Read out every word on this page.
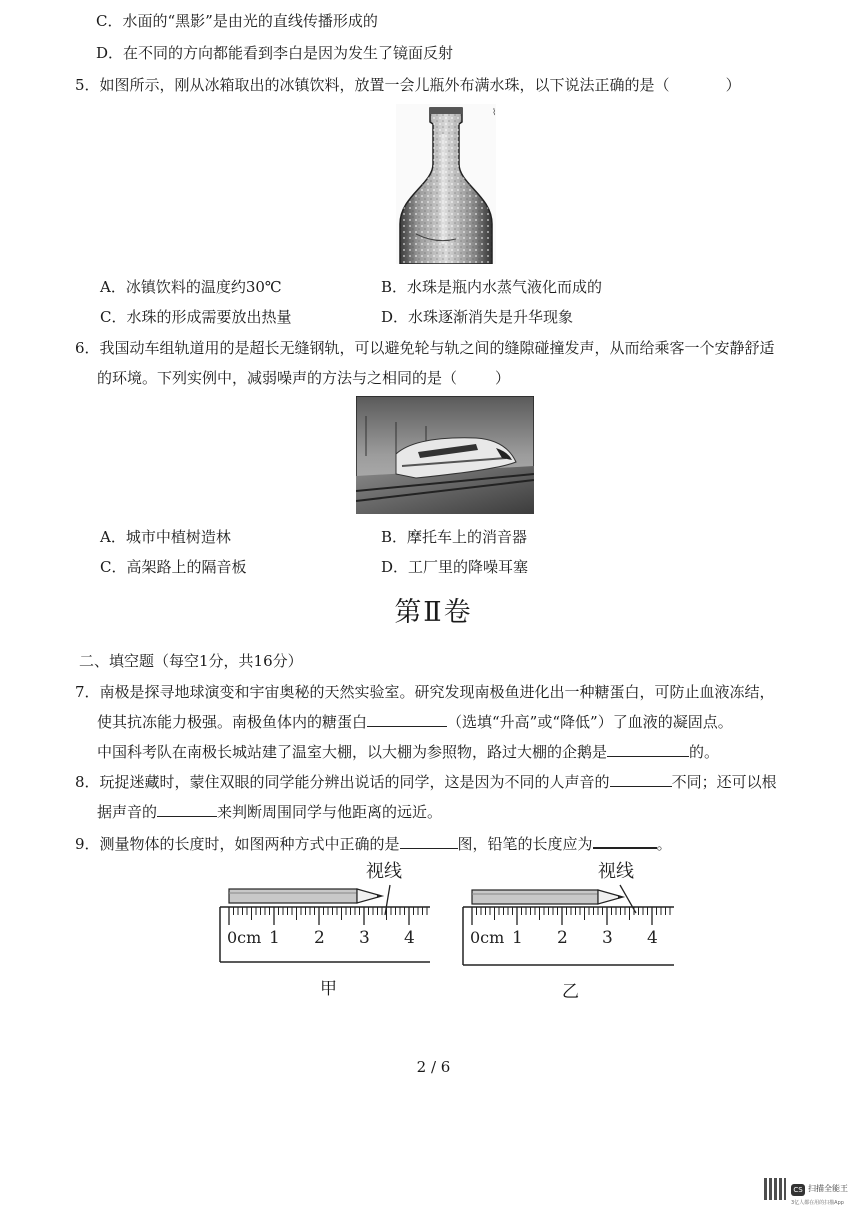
C．水面的“黑影”是由光的直线传播形成的
D．在不同的方向都能看到李白是因为发生了镜面反射
5．如图所示，刚从冰箱取出的冰镇饮料，放置一会儿瓶外布满水珠，以下说法正确的是（	）
⌇
A．冰镇饮料的温度约30℃	B．水珠是瓶内水蒸气液化而成的
C．水珠的形成需要放出热量	D．水珠逐渐消失是升华现象
6．我国动车组轨道用的是超长无缝钢轨，可以避免轮与轨之间的缝隙碰撞发声，从而给乘客一个安静舒适
的环境。下列实例中，减弱噪声的方法与之相同的是（	）
A．城市中植树造林	B．摩托车上的消音器
C．高架路上的隔音板	D．工厂里的降噪耳塞
第Ⅱ卷
二、填空题（每空1分，共16分）
7．南极是探寻地球演变和宇宙奥秘的天然实验室。研究发现南极鱼进化出一种糖蛋白，可防止血液冻结，
使其抗冻能力极强。南极鱼体内的糖蛋白	（选填“升高”或“降低”）了血液的凝固点。
中国科考队在南极长城站建了温室大棚，以大棚为参照物，路过大棚的企鹅是	的。
8．玩捉迷藏时，蒙住双眼的同学能分辨出说话的同学，这是因为不同的人声音的	不同；还可以根
据声音的	来判断周围同学与他距离的远近。
9．测量物体的长度时，如图两种方式中正确的是	图，铅笔的长度应为	。
0cm 1 2 3 4
视线
甲
0cm 1 2 3 4
视线
乙
2 / 6
CS 扫描全能王
3亿人都在用的扫描App
